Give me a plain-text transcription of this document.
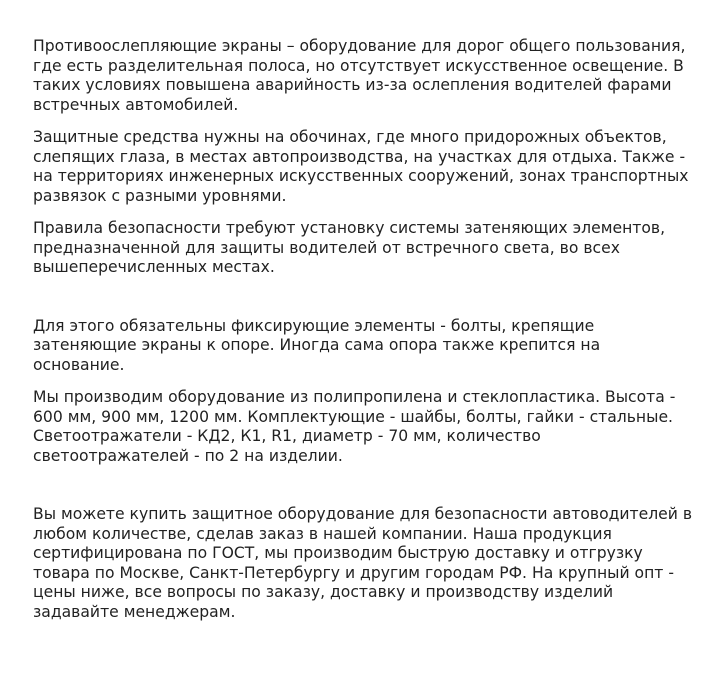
Противоослепляющие экраны – оборудование для дорог общего пользования, где есть разделительная полоса, но отсутствует искусственное освещение. В таких условиях повышена аварийность из-за ослепления водителей фарами встречных автомобилей.

Защитные средства нужны на обочинах, где много придорожных объектов, слепящих глаза, в местах автопроизводства, на участках для отдыха. Также - на территориях инженерных искусственных сооружений, зонах транспортных развязок с разными уровнями.

Правила безопасности требуют установку системы затеняющих элементов, предназначенной для защиты водителей от встречного света, во всех вышеперечисленных местах.

Для этого обязательны фиксирующие элементы - болты, крепящие затеняющие экраны к опоре. Иногда сама опора также крепится на основание.

Мы производим оборудование из полипропилена и стеклопластика. Высота - 600 мм, 900 мм, 1200 мм. Комплектующие - шайбы, болты, гайки - стальные. Светоотражатели - КД2, К1, R1, диаметр - 70 мм, количество светоотражателей - по 2 на изделии.

Вы можете купить защитное оборудование для безопасности автоводителей в любом количестве, сделав заказ в нашей компании. Наша продукция сертифицирована по ГОСТ, мы производим быструю доставку и отгрузку товара по Москве, Санкт-Петербургу и другим городам РФ. На крупный опт - цены ниже, все вопросы по заказу, доставку и производству изделий задавайте менеджерам.
